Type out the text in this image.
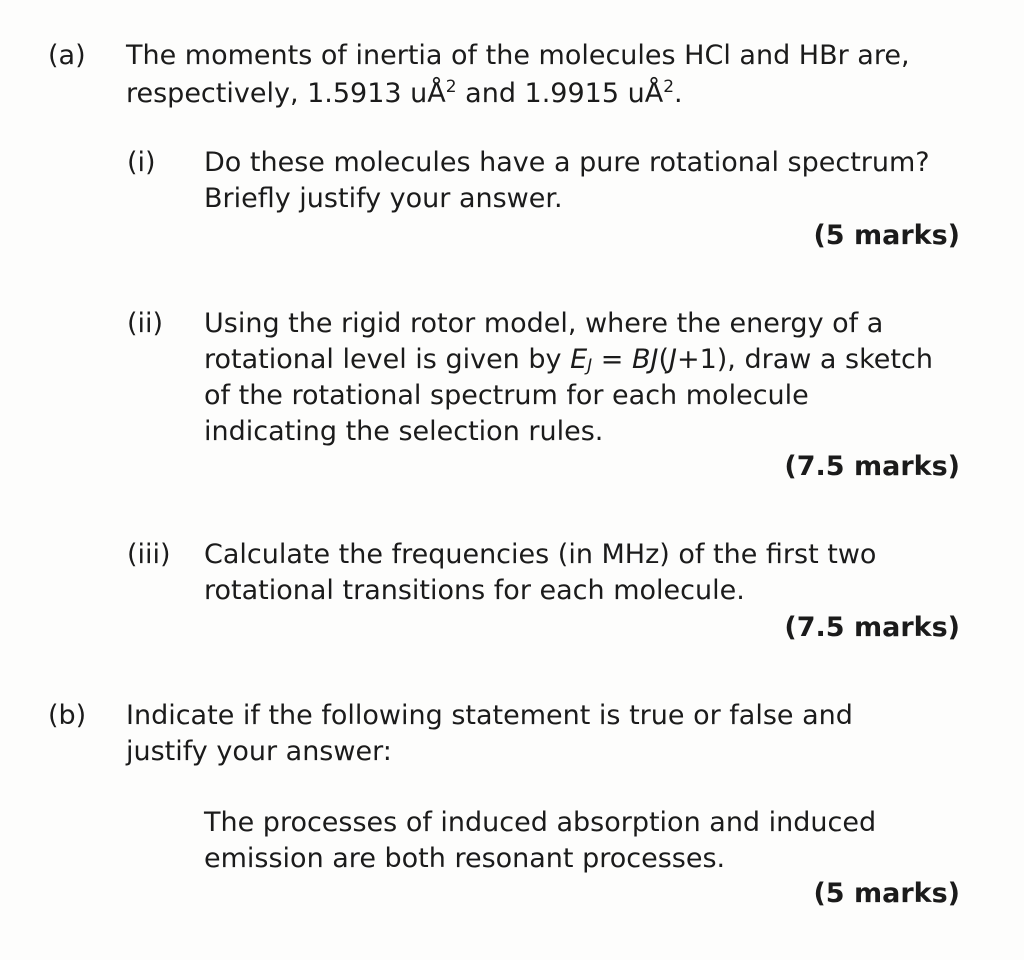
(a) The moments of inertia of the molecules HCl and HBr are,
respectively, 1.5913 $uÅ^2$ and 1.9915 $uÅ^2$.
(i) Do these molecules have a pure rotational spectrum?
Briefly justify your answer.
(5 marks)
(ii) Using the rigid rotor model, where the energy of a
rotational level is given by EJ = BJ(J+1), draw a sketch
of the rotational spectrum for each molecule
indicating the selection rules.
(7.5 marks)
(iii) Calculate the frequencies (in MHz) of the first two
rotational transitions for each molecule.
(7.5 marks)
(b) Indicate if the following statement is true or false and
justify your answer:
The processes of induced absorption and induced
emission are both resonant processes.
(5 marks)
